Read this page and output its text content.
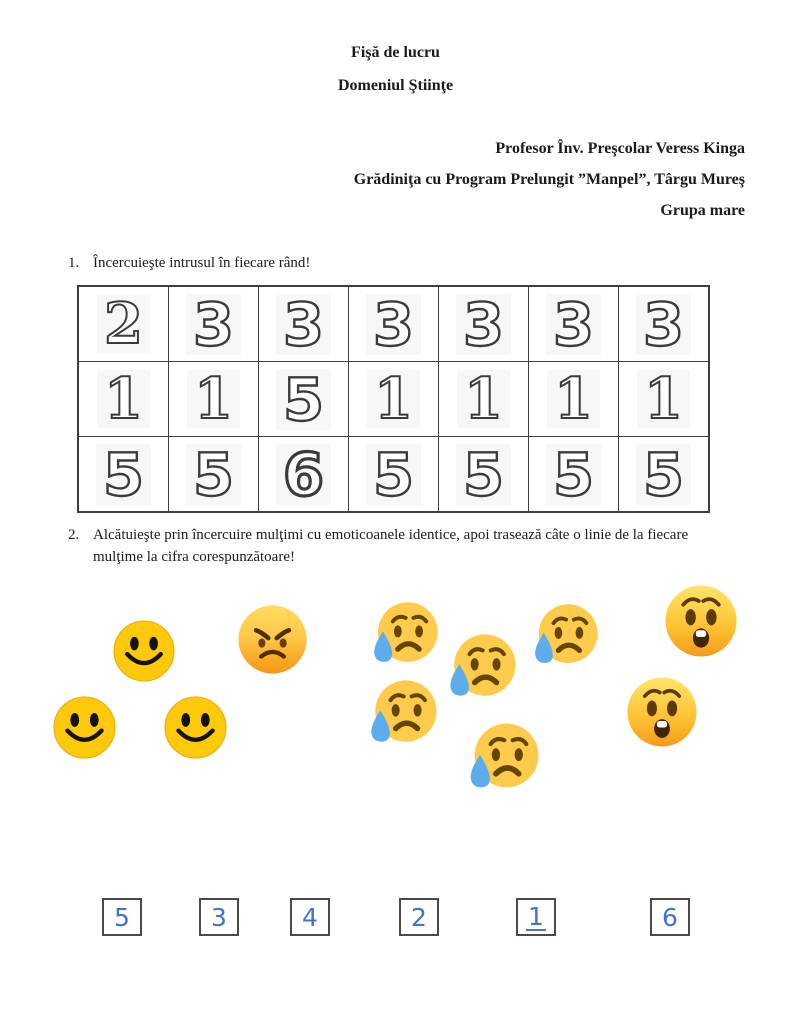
Fişă de lucru
Domeniul Ştiinţe
Profesor Înv. Preşcolar Veress Kinga
Grădiniţa cu Program Prelungit ”Manpel”, Târgu Mureş
Grupa mare
1. Încercuieşte intrusul în fiecare rând!
2 3 3 3 3 3 3
1 1 5 1 1 1 1
5 5 6 5 5 5 5
2. Alcătuieşte prin încercuire mulţimi cu emoticoanele identice, apoi trasează câte o linie de la fiecare mulţime la cifra corespunzătoare!
5	3	4	2	1	6
